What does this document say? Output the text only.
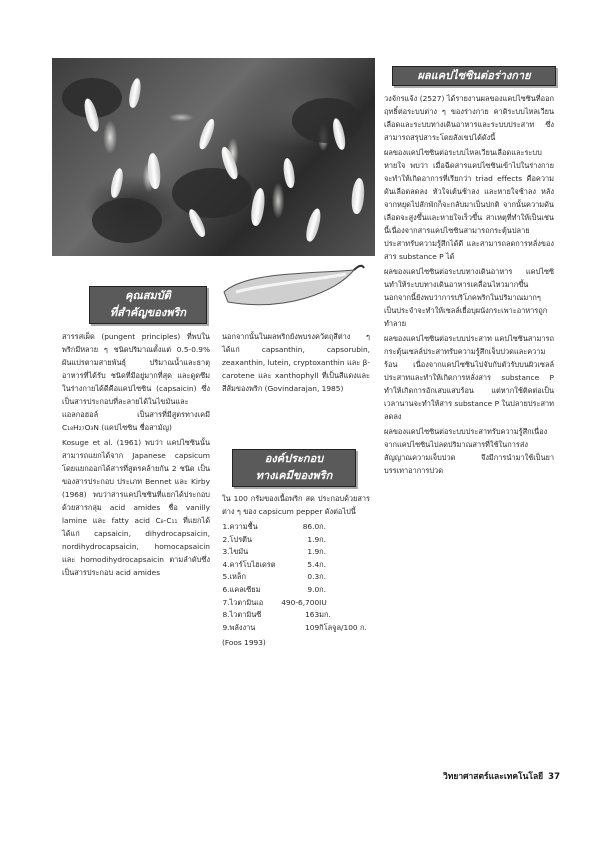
ผลแคปไซซินต่อร่างกาย
คุณสมบัติ
ที่สำคัญของพริก
องค์ประกอบ
ทางเคมีของพริก

สารรสเผ็ด (pungent principles) ที่พบในพริกมีหลาย ๆ ชนิดปริมาณตั้งแต่ 0.5-0.9% ผันแปรตามสายพันธุ์ ปริมาณน้ำและธาตุอาหารที่ได้รับ ชนิดที่มีอยู่มากที่สุด และดูดซึมในร่างกายได้ดีคือแคปไซซิน (capsaicin) ซึ่งเป็นสารประกอบที่ละลายได้ในไขมันและแอลกอฮอล์ เป็นสารที่มีสูตรทางเคมี C₁₈H₂₇O₃N (แคปไซซิน ชื่อสามัญ)

Kosuge et al. (1961) พบว่า แคปไซซินนั้นสามารถแยกได้จาก Japanese capsicum โดยแยกออกได้สารที่สูตรคล้ายกัน 2 ชนิด เป็นของสารประกอบ ประเภท Bennet และ Kirby (1968) พบว่าสารแคปไซซินที่แยกได้ประกอบด้วยสารกลุ่ม acid amides ชื่อ vanilly lamine และ fatty acid C₈-C₁₁ ที่แยกได้ ได้แก่ capsaicin, dihydrocapsaicin, nordihydrocapsaicin, homocapsaicin และ homodihydrocapsaicin ตามลำดับซึ่งเป็นสารประกอบ acid amides

นอกจากนั้นในผลพริกยังพบรงควัตถุสีต่าง ๆ ได้แก่ capsanthin, capsorubin, zeaxanthin, lutein, cryptoxanthin และ β-carotene และ xanthophyll ที่เป็นสีแดงและสีส้มของพริก (Govindarajan, 1985)

ใน 100 กรัมของเนื้อพริก สด ประกอบด้วยสารต่าง ๆ ของ capsicum pepper ดังต่อไปนี้

1.	ความชื้น	86.0	ก.
2.	โปรตีน	1.9	ก.
3.	ไขมัน	1.9	ก.
4.	คาร์โบไฮเดรต	5.4	ก.
5.	เหล็ก	0.3	ก.
6.	แคลเซียม	9.0	ก.
7.	ไวตามินเอ	490-6,700	IU
8.	ไวตามินซี	163	มก.
9.	พลังงาน	109	กิโลจูล/100 ก.

(Foos 1993)

วงจักรแจ้ง (2527) ได้รายงานผลของแคปไซซินที่ออกฤทธิ์ต่อระบบต่าง ๆ ของร่างกาย คาดิระบบไหลเวียนเลือดและระบบทางเดินอาหารและระบบประสาท ซึ่งสามารถสรุปสาระโดยสังเขปได้ดังนี้

ผลของแคปไซซินต่อระบบไหลเวียนเลือดและระบบหายใจ พบว่า เมื่อฉีดสารแคปไซซินเข้าไปในร่างกายจะทำให้เกิดอาการที่เรียกว่า triad effects คือความดันเลือดลดลง หัวใจเต้นช้าลง และหายใจช้าลง หลังจากหยุดไปสักพักก็จะกลับมาเป็นปกติ จากนั้นความดันเลือดจะสูงขึ้นและหายใจเร็วขึ้น สาเหตุที่ทำให้เป็นเช่นนี้เนื่องจากสารแคปไซซินสามารถกระตุ้นปลายประสาทรับความรู้สึกได้ดี และสามารถลดการหลั่งของสาร substance P ได้

ผลของแคปไซซินต่อระบบทางเดินอาหาร แคปไซซินทำให้ระบบทางเดินอาหารเคลื่อนไหวมากขึ้น นอกจากนี้ยังพบว่าการบริโภคพริกในปริมาณมากๆ เป็นประจำจะทำให้เซลล์เยื่อบุผนังกระเพาะอาหารถูกทำลาย

ผลของแคปไซซินต่อระบบประสาท แคปไซซินสามารถกระตุ้นเซลล์ประสาทรับความรู้สึกเจ็บปวดและความร้อน เนื่องจากแคปไซซินไปจับกับตัวรับบนผิวเซลล์ประสาทและทำให้เกิดการหลั่งสาร substance P ทำให้เกิดการอักเสบแสบร้อน แต่หากใช้ติดต่อเป็นเวลานานจะทำให้สาร substance P ในปลายประสาทลดลง

ผลของแคปไซซินต่อระบบประสาทรับความรู้สึกเนื่องจากแคปไซซินไปลดปริมาณสารที่ใช้ในการส่งสัญญาณความเจ็บปวด จึงมีการนำมาใช้เป็นยาบรรเทาอาการปวด

วิทยาศาสตร์และเทคโนโลยี 37
